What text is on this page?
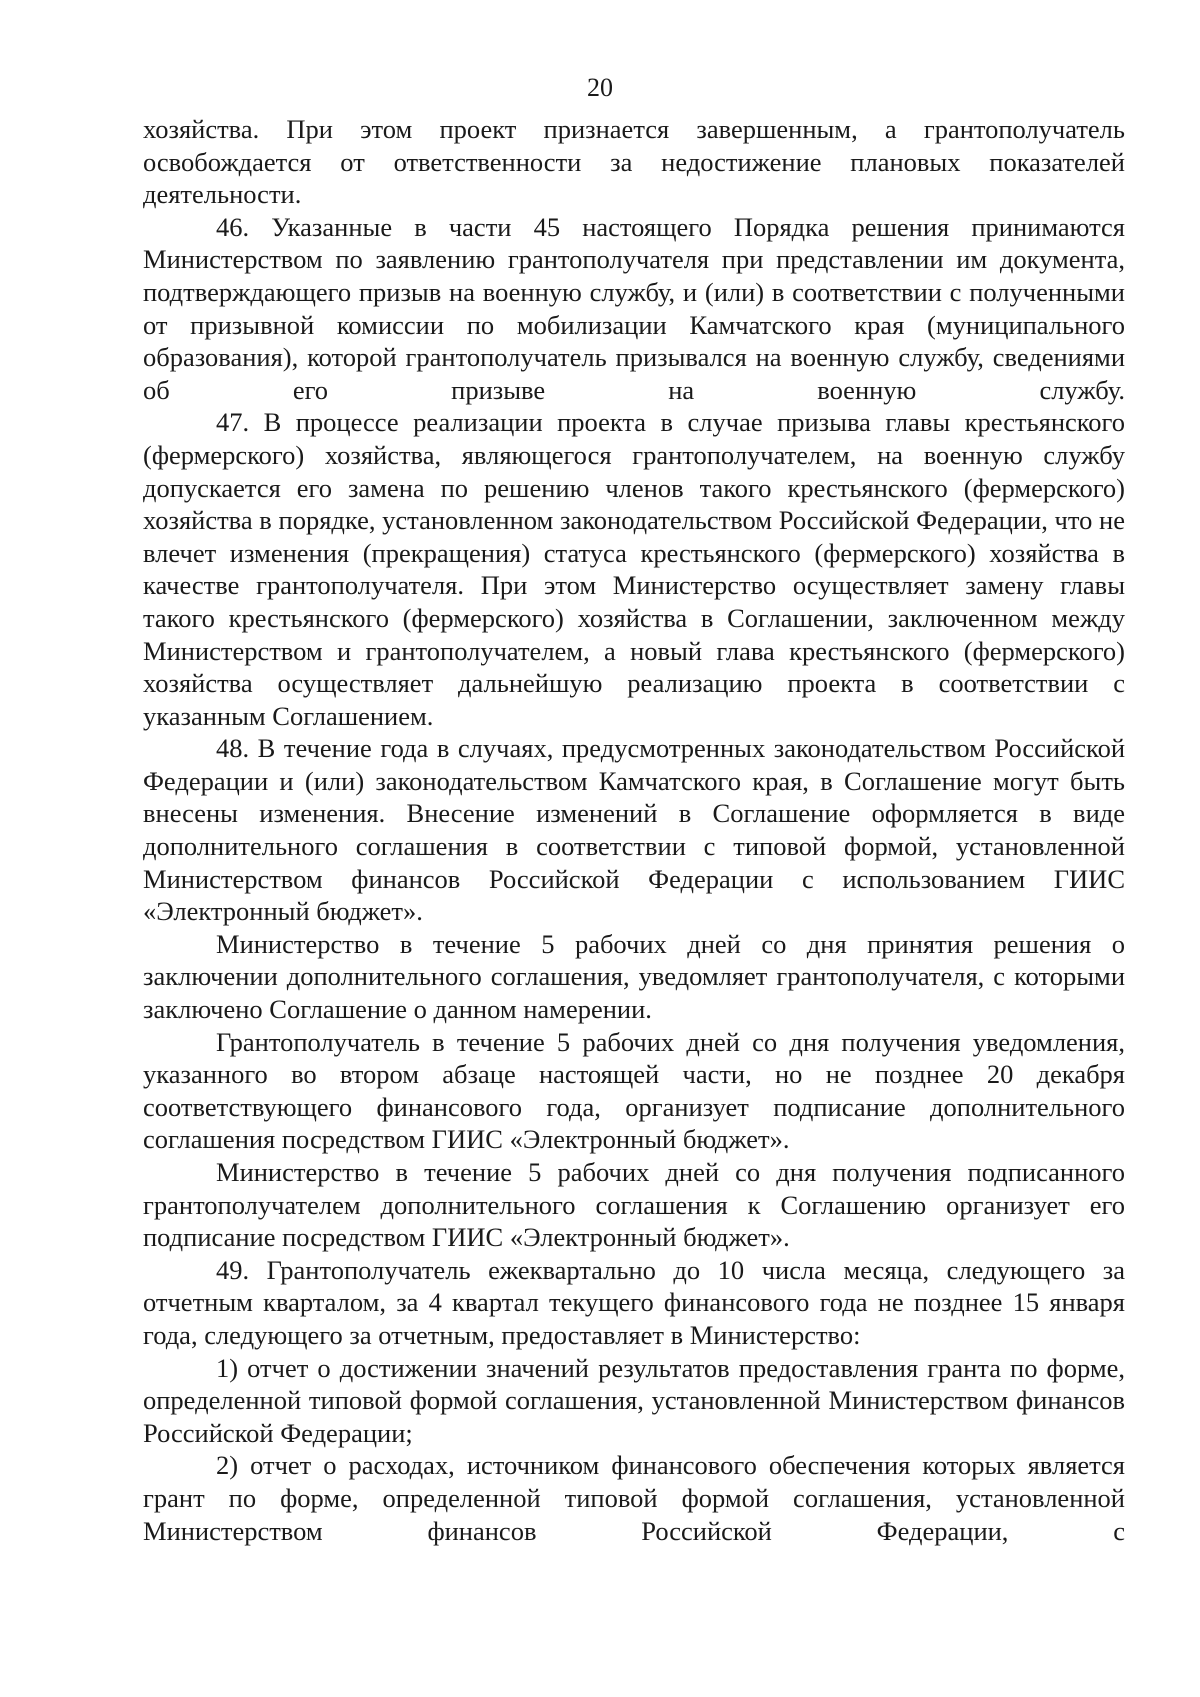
20

хозяйства. При этом проект признается завершенным, а грантополучатель освобождается от ответственности за недостижение плановых показателей деятельности.

46. Указанные в части 45 настоящего Порядка решения принимаются Министерством по заявлению грантополучателя при представлении им документа, подтверждающего призыв на военную службу, и (или) в соответствии с полученными от призывной комиссии по мобилизации Камчатского края (муниципального образования), которой грантополучатель призывался на военную службу, сведениями об его призыве на военную службу.

47. В процессе реализации проекта в случае призыва главы крестьянского (фермерского) хозяйства, являющегося грантополучателем, на военную службу допускается его замена по решению членов такого крестьянского (фермерского) хозяйства в порядке, установленном законодательством Российской Федерации, что не влечет изменения (прекращения) статуса крестьянского (фермерского) хозяйства в качестве грантополучателя. При этом Министерство осуществляет замену главы такого крестьянского (фермерского) хозяйства в Соглашении, заключенном между Министерством и грантополучателем, а новый глава крестьянского (фермерского) хозяйства осуществляет дальнейшую реализацию проекта в соответствии с указанным Соглашением.

48. В течение года в случаях, предусмотренных законодательством Российской Федерации и (или) законодательством Камчатского края, в Соглашение могут быть внесены изменения. Внесение изменений в Соглашение оформляется в виде дополнительного соглашения в соответствии с типовой формой, установленной Министерством финансов Российской Федерации с использованием ГИИС «Электронный бюджет».

Министерство в течение 5 рабочих дней со дня принятия решения о заключении дополнительного соглашения, уведомляет грантополучателя, с которыми заключено Соглашение о данном намерении.

Грантополучатель в течение 5 рабочих дней со дня получения уведомления, указанного во втором абзаце настоящей части, но не позднее 20 декабря соответствующего финансового года, организует подписание дополнительного соглашения посредством ГИИС «Электронный бюджет».

Министерство в течение 5 рабочих дней со дня получения подписанного грантополучателем дополнительного соглашения к Соглашению организует его подписание посредством ГИИС «Электронный бюджет».

49. Грантополучатель ежеквартально до 10 числа месяца, следующего за отчетным кварталом, за 4 квартал текущего финансового года не позднее 15 января года, следующего за отчетным, предоставляет в Министерство:

1) отчет о достижении значений результатов предоставления гранта по форме, определенной типовой формой соглашения, установленной Министерством финансов Российской Федерации;

2) отчет о расходах, источником финансового обеспечения которых является грант по форме, определенной типовой формой соглашения, установленной Министерством финансов Российской Федерации, с
